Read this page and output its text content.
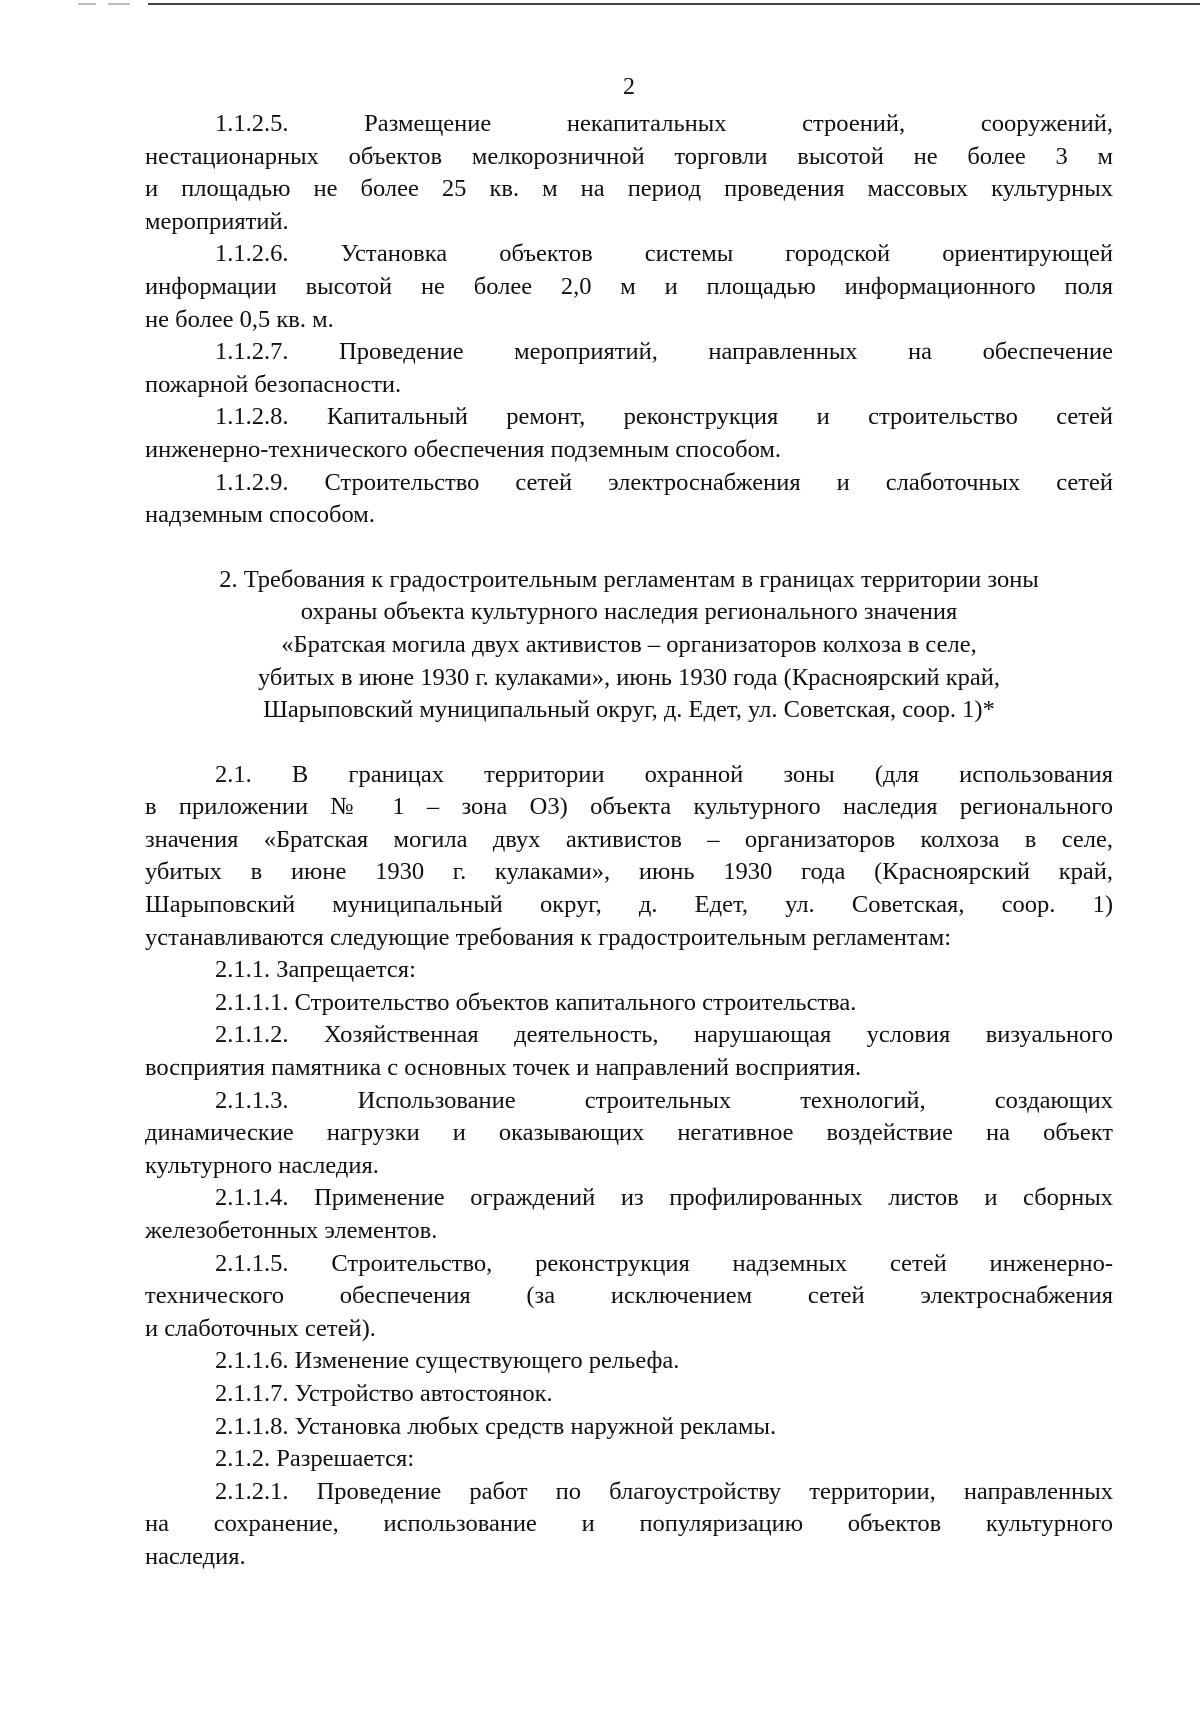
2
1.1.2.5. Размещение некапитальных строений, сооружений,
нестационарных объектов мелкорозничной торговли высотой не более 3 м
и площадью не более 25 кв. м на период проведения массовых культурных
мероприятий.
1.1.2.6. Установка объектов системы городской ориентирующей
информации высотой не более 2,0 м и площадью информационного поля
не более 0,5 кв. м.
1.1.2.7. Проведение мероприятий, направленных на обеспечение
пожарной безопасности.
1.1.2.8. Капитальный ремонт, реконструкция и строительство сетей
инженерно-технического обеспечения подземным способом.
1.1.2.9. Строительство сетей электроснабжения и слаботочных сетей
надземным способом.
2. Требования к градостроительным регламентам в границах территории зоны
охраны объекта культурного наследия регионального значения
«Братская могила двух активистов – организаторов колхоза в селе,
убитых в июне 1930 г. кулаками», июнь 1930 года (Красноярский край,
Шарыповский муниципальный округ, д. Едет, ул. Советская, соор. 1)*
2.1. В границах территории охранной зоны (для использования
в приложении № 1 – зона О3) объекта культурного наследия регионального
значения «Братская могила двух активистов – организаторов колхоза в селе,
убитых в июне 1930 г. кулаками», июнь 1930 года (Красноярский край,
Шарыповский муниципальный округ, д. Едет, ул. Советская, соор. 1)
устанавливаются следующие требования к градостроительным регламентам:
2.1.1. Запрещается:
2.1.1.1. Строительство объектов капитального строительства.
2.1.1.2. Хозяйственная деятельность, нарушающая условия визуального
восприятия памятника с основных точек и направлений восприятия.
2.1.1.3. Использование строительных технологий, создающих
динамические нагрузки и оказывающих негативное воздействие на объект
культурного наследия.
2.1.1.4. Применение ограждений из профилированных листов и сборных
железобетонных элементов.
2.1.1.5. Строительство, реконструкция надземных сетей инженерно-
технического обеспечения (за исключением сетей электроснабжения
и слаботочных сетей).
2.1.1.6. Изменение существующего рельефа.
2.1.1.7. Устройство автостоянок.
2.1.1.8. Установка любых средств наружной рекламы.
2.1.2. Разрешается:
2.1.2.1. Проведение работ по благоустройству территории, направленных
на сохранение, использование и популяризацию объектов культурного
наследия.
